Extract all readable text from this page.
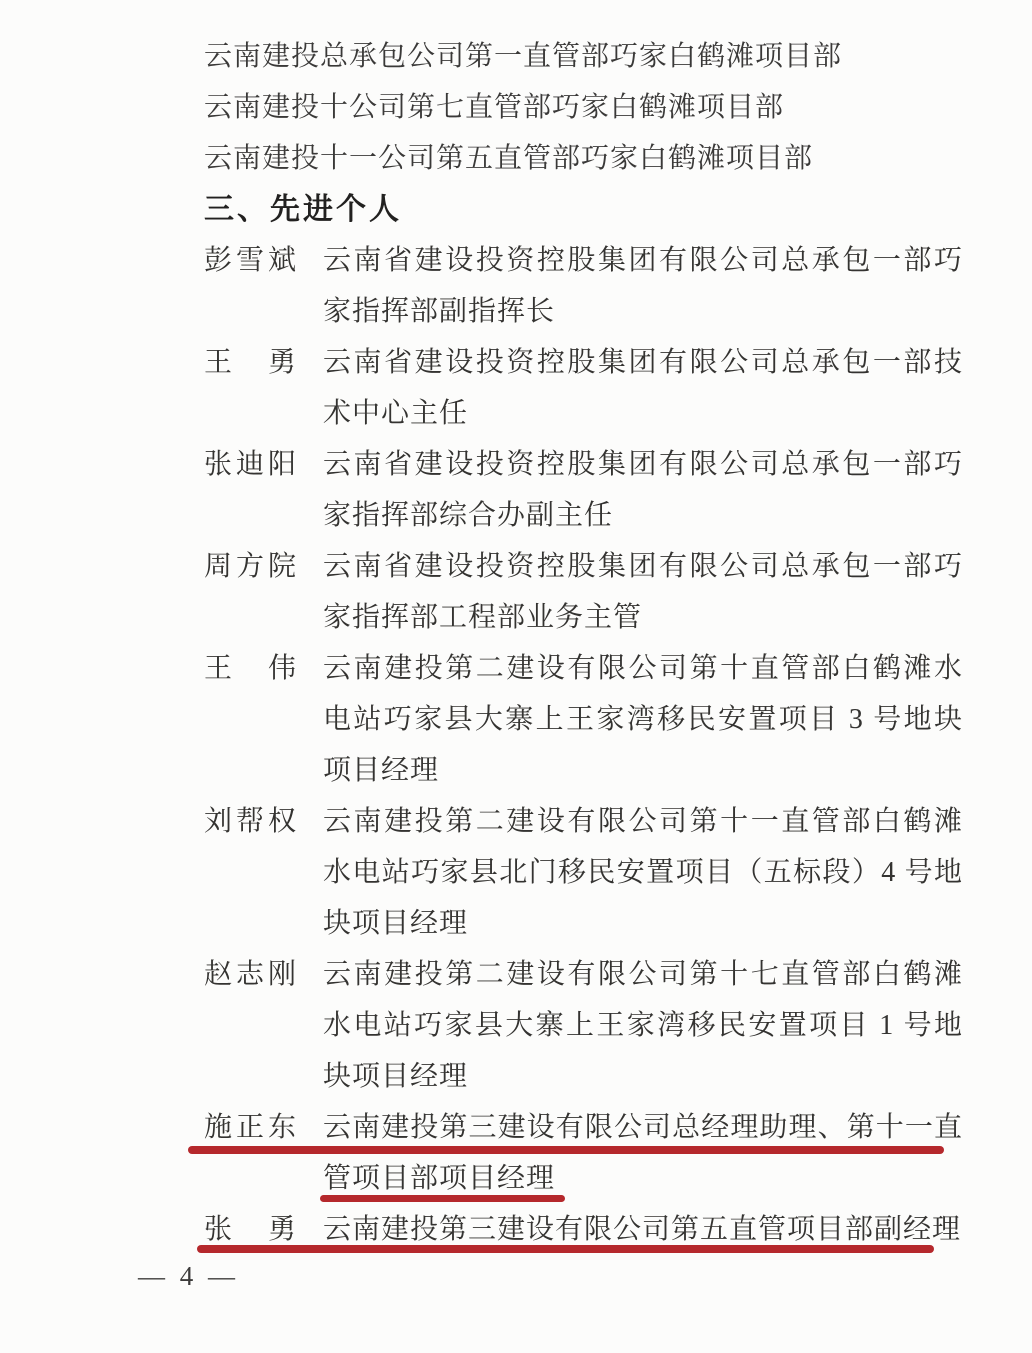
云南建投总承包公司第一直管部巧家白鹤滩项目部
云南建投十公司第七直管部巧家白鹤滩项目部
云南建投十一公司第五直管部巧家白鹤滩项目部
三、先进个人
彭雪斌 云南省建设投资控股集团有限公司总承包一部巧
家指挥部副指挥长
王勇 云南省建设投资控股集团有限公司总承包一部技
术中心主任
张迪阳 云南省建设投资控股集团有限公司总承包一部巧
家指挥部综合办副主任
周方院 云南省建设投资控股集团有限公司总承包一部巧
家指挥部工程部业务主管
王伟 云南建投第二建设有限公司第十直管部白鹤滩水
电站巧家县大寨上王家湾移民安置项目 3 号地块
项目经理
刘帮权 云南建投第二建设有限公司第十一直管部白鹤滩
水电站巧家县北门移民安置项目（五标段）4 号地
块项目经理
赵志刚 云南建投第二建设有限公司第十七直管部白鹤滩
水电站巧家县大寨上王家湾移民安置项目 1 号地
块项目经理
施正东 云南建投第三建设有限公司总经理助理、第十一直
管项目部项目经理
张勇 云南建投第三建设有限公司第五直管项目部副经理
— 4 —
